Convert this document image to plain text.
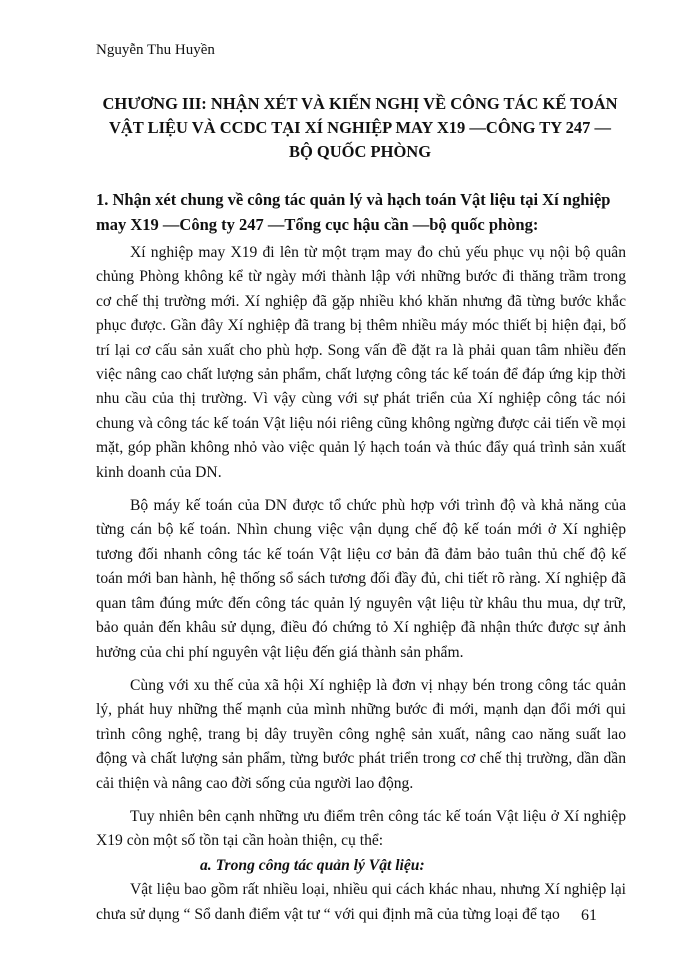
Nguyễn Thu Huyền
CHƯƠNG III: NHẬN XÉT VÀ KIẾN NGHỊ VỀ CÔNG TÁC KẾ TOÁN VẬT LIỆU VÀ CCDC TẠI XÍ NGHIỆP MAY X19 —CÔNG TY 247 —BỘ QUỐC PHÒNG
1. Nhận xét chung về công tác quản lý và hạch toán Vật liệu tại Xí nghiệp may X19 —Công ty 247 —Tổng cục hậu cần —bộ quốc phòng:

Xí nghiệp may X19 đi lên từ một trạm may đo chủ yếu phục vụ nội bộ quân chủng Phòng không kể từ ngày mới thành lập với những bước đi thăng trầm trong cơ chế thị trường mới. Xí nghiệp đã gặp nhiều khó khăn nhưng đã từng bước khắc phục được. Gần đây Xí nghiệp đã trang bị thêm nhiều máy móc thiết bị hiện đại, bố trí lại cơ cấu sản xuất cho phù hợp. Song vấn đề đặt ra là phải quan tâm nhiều đến việc nâng cao chất lượng sản phẩm, chất lượng công tác kế toán để đáp ứng kịp thời nhu cầu của thị trường. Vì vậy cùng với sự phát triển của Xí nghiệp công tác nói chung và công tác kế toán Vật liệu nói riêng cũng không ngừng được cải tiến về mọi mặt, góp phần không nhỏ vào việc quản lý hạch toán và thúc đẩy quá trình sản xuất kinh doanh của DN.

Bộ máy kế toán của DN được tổ chức phù hợp với trình độ và khả năng của từng cán bộ kế toán. Nhìn chung việc vận dụng chế độ kế toán mới ở Xí nghiệp tương đối nhanh công tác kế toán Vật liệu cơ bản đã đảm bảo tuân thủ chế độ kế toán mới ban hành, hệ thống sổ sách tương đối đầy đủ, chi tiết rõ ràng. Xí nghiệp đã quan tâm đúng mức đến công tác quản lý nguyên vật liệu từ khâu thu mua, dự trữ, bảo quản đến khâu sử dụng, điều đó chứng tỏ Xí nghiệp đã nhận thức được sự ảnh hưởng của chi phí nguyên vật liệu đến giá thành sản phẩm.

Cùng với xu thế của xã hội Xí nghiệp là đơn vị nhạy bén trong công tác quản lý, phát huy những thế mạnh của mình những bước đi mới, mạnh dạn đổi mới qui trình công nghệ, trang bị dây truyền công nghệ sản xuất, nâng cao năng suất lao động và chất lượng sản phẩm, từng bước phát triển trong cơ chế thị trường, dần dần cải thiện và nâng cao đời sống của người lao động.

Tuy nhiên bên cạnh những ưu điểm trên công tác kế toán Vật liệu ở Xí nghiệp X19 còn một số tồn tại cần hoàn thiện, cụ thể:

a. Trong công tác quản lý Vật liệu:

Vật liệu bao gồm rất nhiều loại, nhiều qui cách khác nhau, nhưng Xí nghiệp lại chưa sử dụng “ Sổ danh điểm vật tư “ với qui định mã của từng loại để tạo	61
